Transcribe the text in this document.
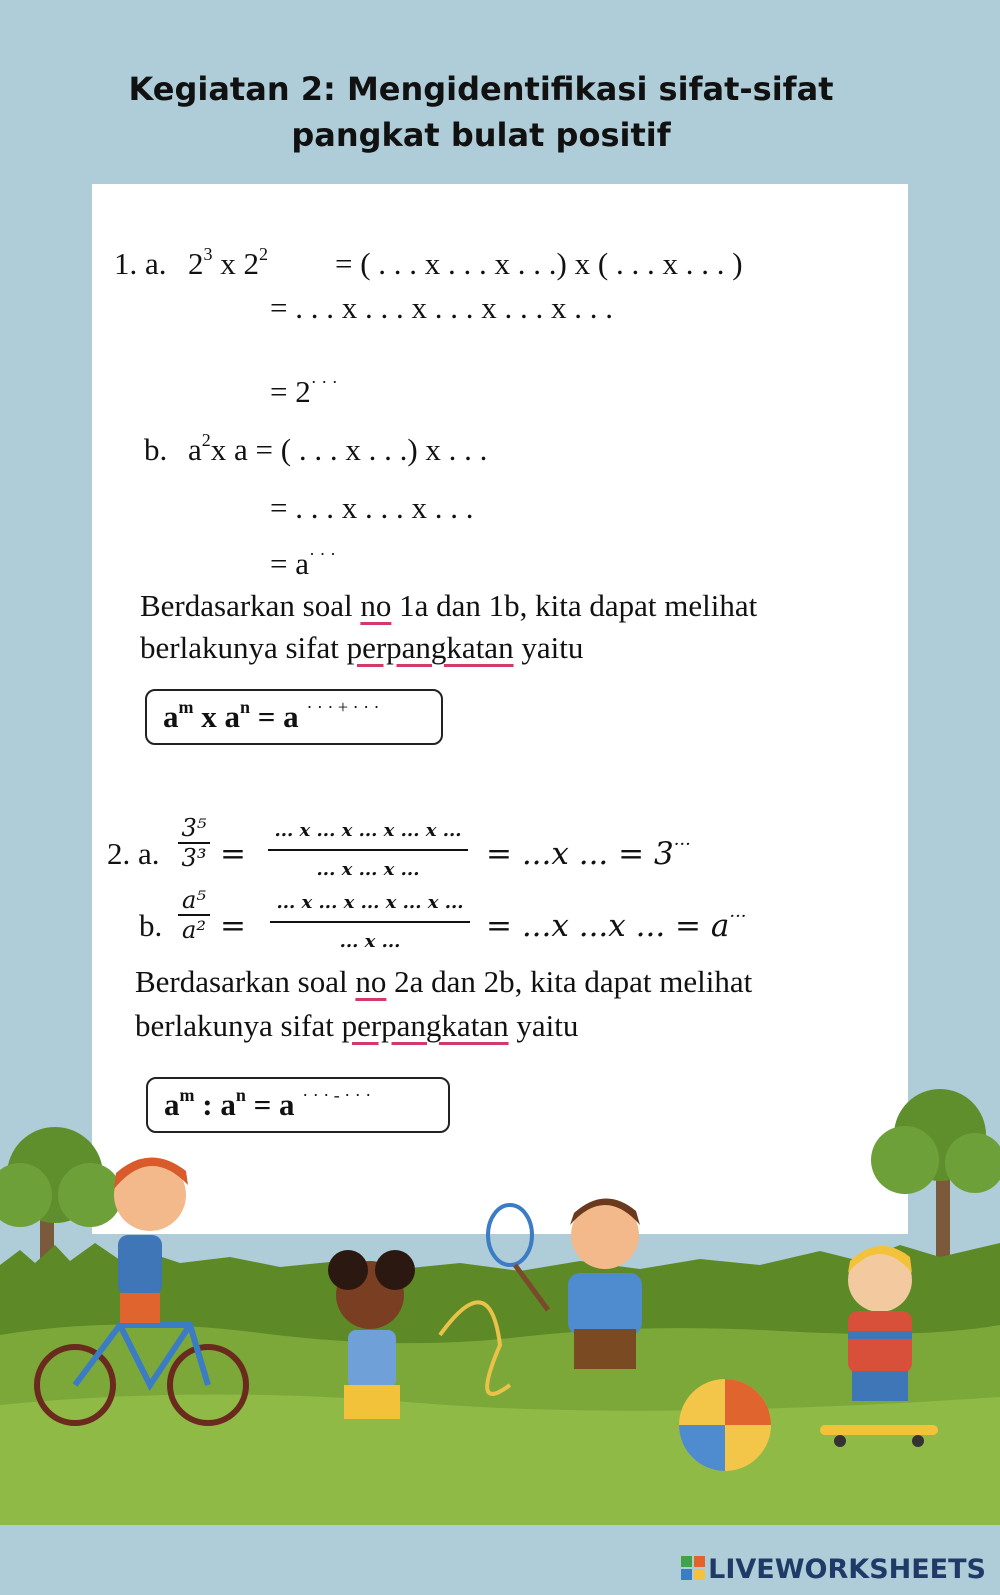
Kegiatan 2: Mengidentifikasi sifat-sifat
pangkat bulat positif
1. a. $2^3$ x $2^2$ = ( . . . x . . . x . . .) x ( . . . x . . . )
= . . . x . . . x . . . x . . . x . . .
= 2· · ·
b. $a^2x$ a = ( . . . x . . .) x . . .
= . . . x . . . x . . .
= a· · ·
Berdasarkan soal no 1a dan 1b, kita dapat melihat
berlakunya sifat perpangkatan yaitu
$a^m$ x $a^n = a$ · · · + · · ·
2. a.
3⁵
3³ =
... x ... x ... x ... x ...
... x ... x ...	= ...x ... = 3···
b.
a⁵
a² =
... x ... x ... x ... x ...
... x ...	= ...x ...x ... = a···
Berdasarkan soal no 2a dan 2b, kita dapat melihat
berlakunya sifat perpangkatan yaitu
$a^m$ : $a^n = a$ · · · - · · ·
LIVEWORKSHEETS
